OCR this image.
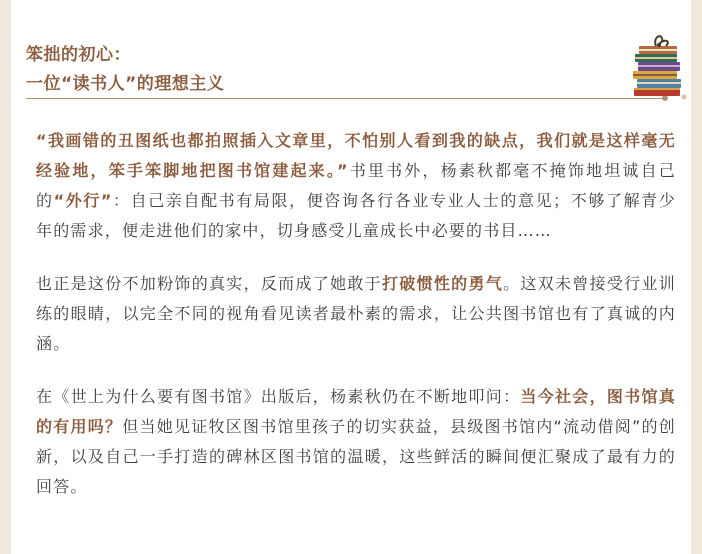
笨拙的初心：
一位“读书人”的理想主义

“我画错的丑图纸也都拍照插入文章里，不怕别人看到我的缺点，我们就是这样毫无经验地，笨手笨脚地把图书馆建起来。”书里书外，杨素秋都毫不掩饰地坦诚自己的“外行”：自己亲自配书有局限，便咨询各行各业专业人士的意见；不够了解青少年的需求，便走进他们的家中，切身感受儿童成长中必要的书目……

也正是这份不加粉饰的真实，反而成了她敢于打破惯性的勇气。这双未曾接受行业训练的眼睛，以完全不同的视角看见读者最朴素的需求，让公共图书馆也有了真诚的内涵。

在《世上为什么要有图书馆》出版后，杨素秋仍在不断地叩问：当今社会，图书馆真的有用吗？但当她见证牧区图书馆里孩子的切实获益，县级图书馆内“流动借阅”的创新，以及自己一手打造的碑林区图书馆的温暖，这些鲜活的瞬间便汇聚成了最有力的回答。
